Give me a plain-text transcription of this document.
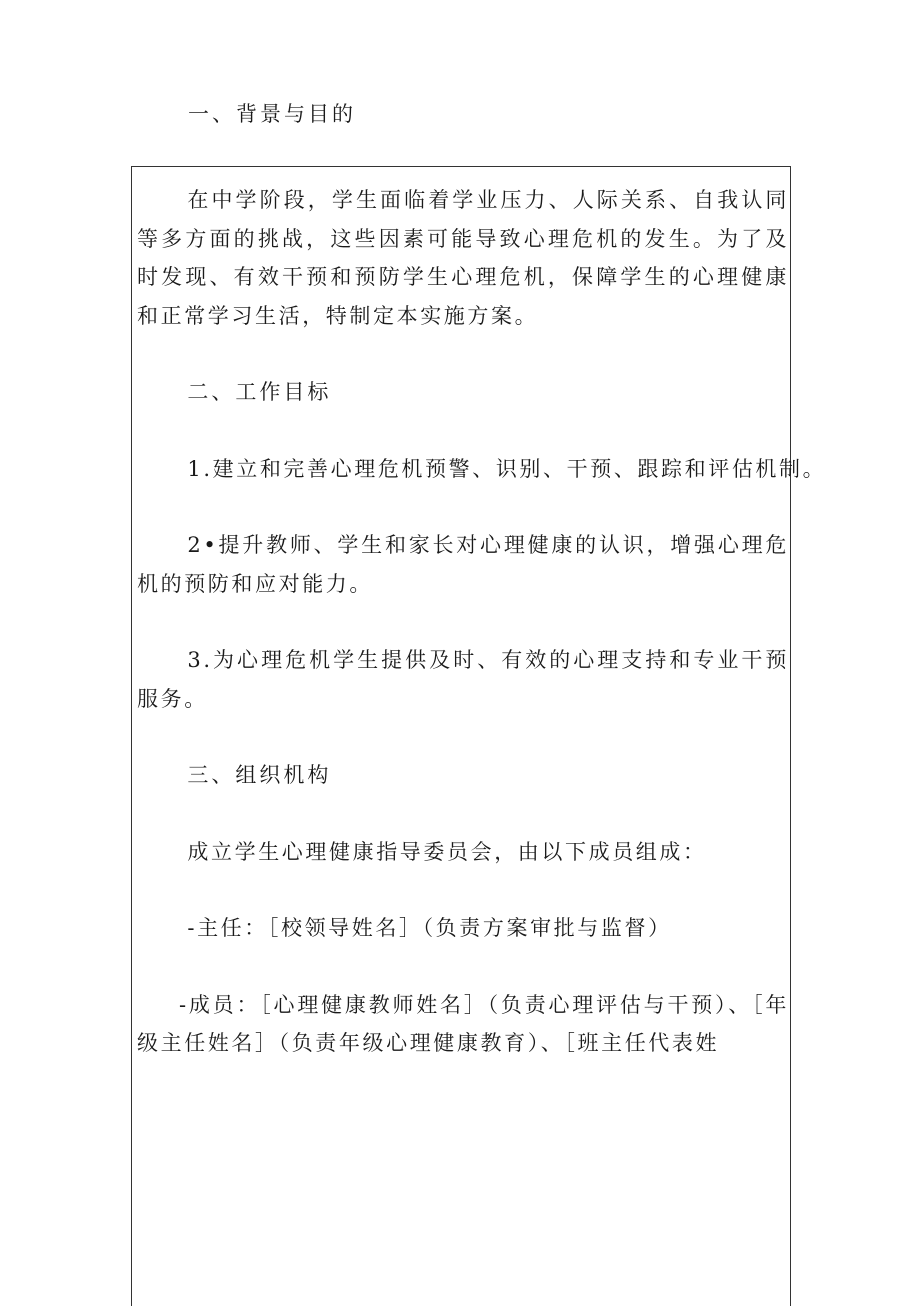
一、背景与目的

在中学阶段，学生面临着学业压力、人际关系、自我认同等多方面的挑战，这些因素可能导致心理危机的发生。为了及时发现、有效干预和预防学生心理危机，保障学生的心理健康和正常学习生活，特制定本实施方案。

二、工作目标

1.建立和完善心理危机预警、识别、干预、跟踪和评估机制。

2•提升教师、学生和家长对心理健康的认识，增强心理危机的预防和应对能力。

3.为心理危机学生提供及时、有效的心理支持和专业干预服务。

三、组织机构

成立学生心理健康指导委员会，由以下成员组成：

-主任：［校领导姓名］（负责方案审批与监督）

-成员：［心理健康教师姓名］（负责心理评估与干预）、［年级主任姓名］（负责年级心理健康教育）、［班主任代表姓
